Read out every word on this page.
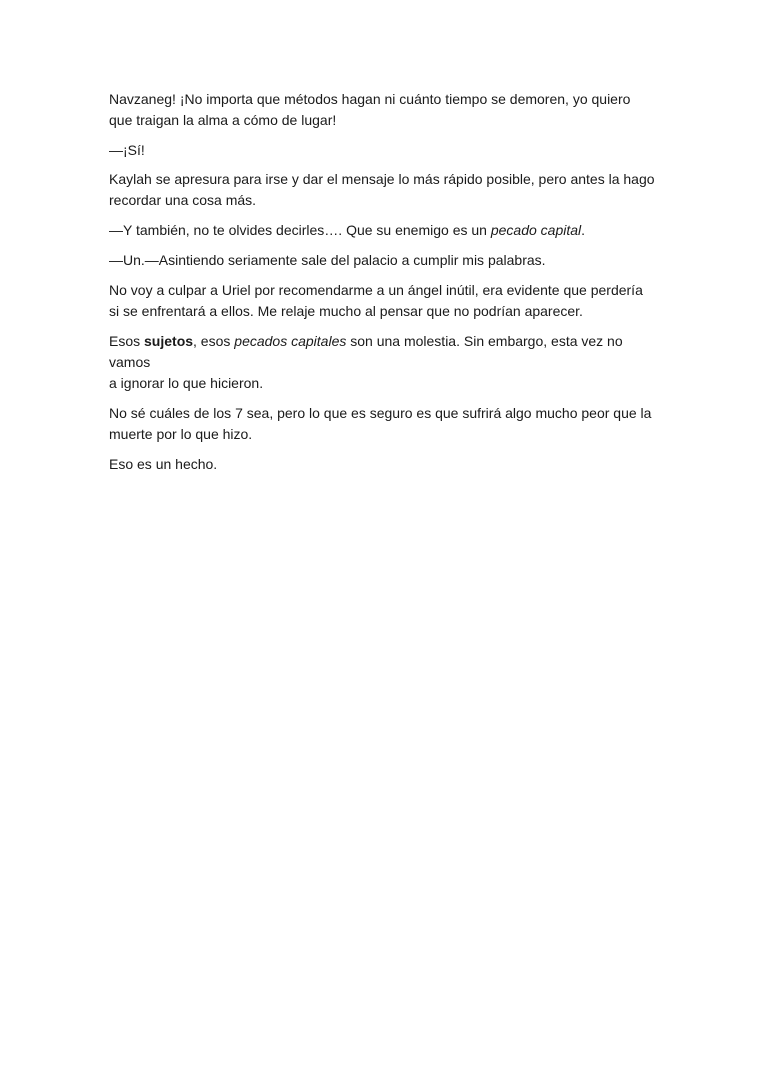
Navzaneg! ¡No importa que métodos hagan ni cuánto tiempo se demoren, yo quiero
que traigan la alma a cómo de lugar!

—¡Sí!

Kaylah se apresura para irse y dar el mensaje lo más rápido posible, pero antes la hago
recordar una cosa más.

—Y también, no te olvides decirles…. Que su enemigo es un pecado capital.

—Un.—Asintiendo seriamente sale del palacio a cumplir mis palabras.

No voy a culpar a Uriel por recomendarme a un ángel inútil, era evidente que perdería
si se enfrentará a ellos. Me relaje mucho al pensar que no podrían aparecer.

Esos sujetos, esos pecados capitales son una molestia. Sin embargo, esta vez no vamos
a ignorar lo que hicieron.

No sé cuáles de los 7 sea, pero lo que es seguro es que sufrirá algo mucho peor que la
muerte por lo que hizo.

Eso es un hecho.
